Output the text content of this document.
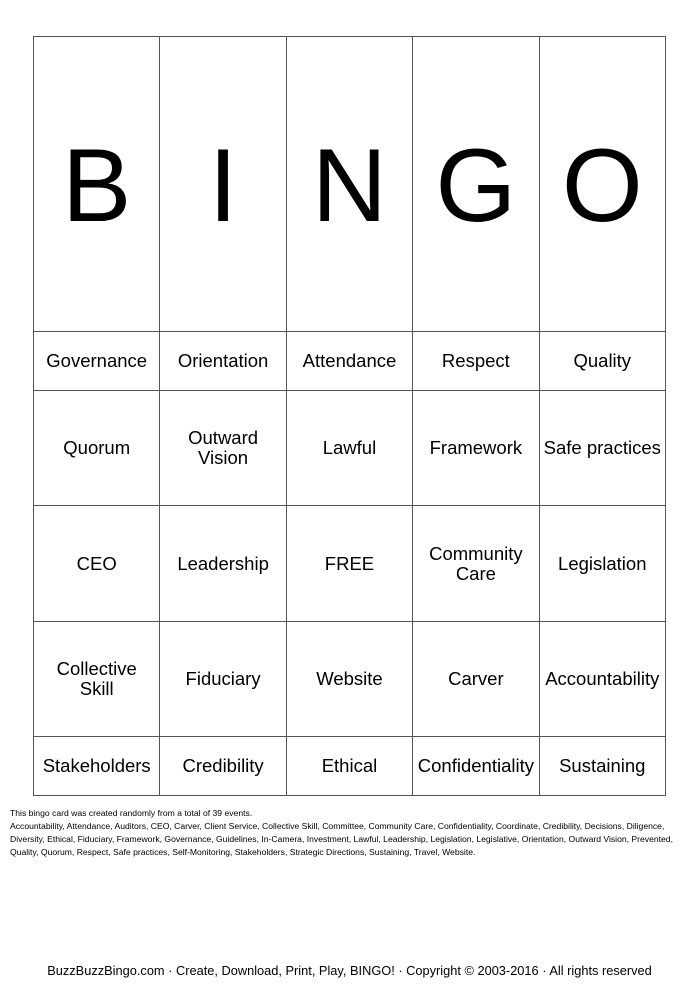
B	I	N	G	O
Governance	Orientation	Attendance	Respect	Quality
Quorum	Outward Vision	Lawful	Framework	Safe practices
CEO	Leadership	FREE	Community Care	Legislation
Collective Skill	Fiduciary	Website	Carver	Accountability
Stakeholders	Credibility	Ethical	Confidentiality	Sustaining
This bingo card was created randomly from a total of 39 events.
Accountability, Attendance, Auditors, CEO, Carver, Client Service, Collective Skill, Committee, Community Care, Confidentiality, Coordinate, Credibility, Decisions, Diligence, Diversity, Ethical, Fiduciary, Framework, Governance, Guidelines, In-Camera, Investment, Lawful, Leadership, Legislation, Legislative, Orientation, Outward Vision, Prevented, Quality, Quorum, Respect, Safe practices, Self-Monitoring, Stakeholders, Strategic Directions, Sustaining, Travel, Website.
BuzzBuzzBingo.com · Create, Download, Print, Play, BINGO! · Copyright © 2003-2016 · All rights reserved
